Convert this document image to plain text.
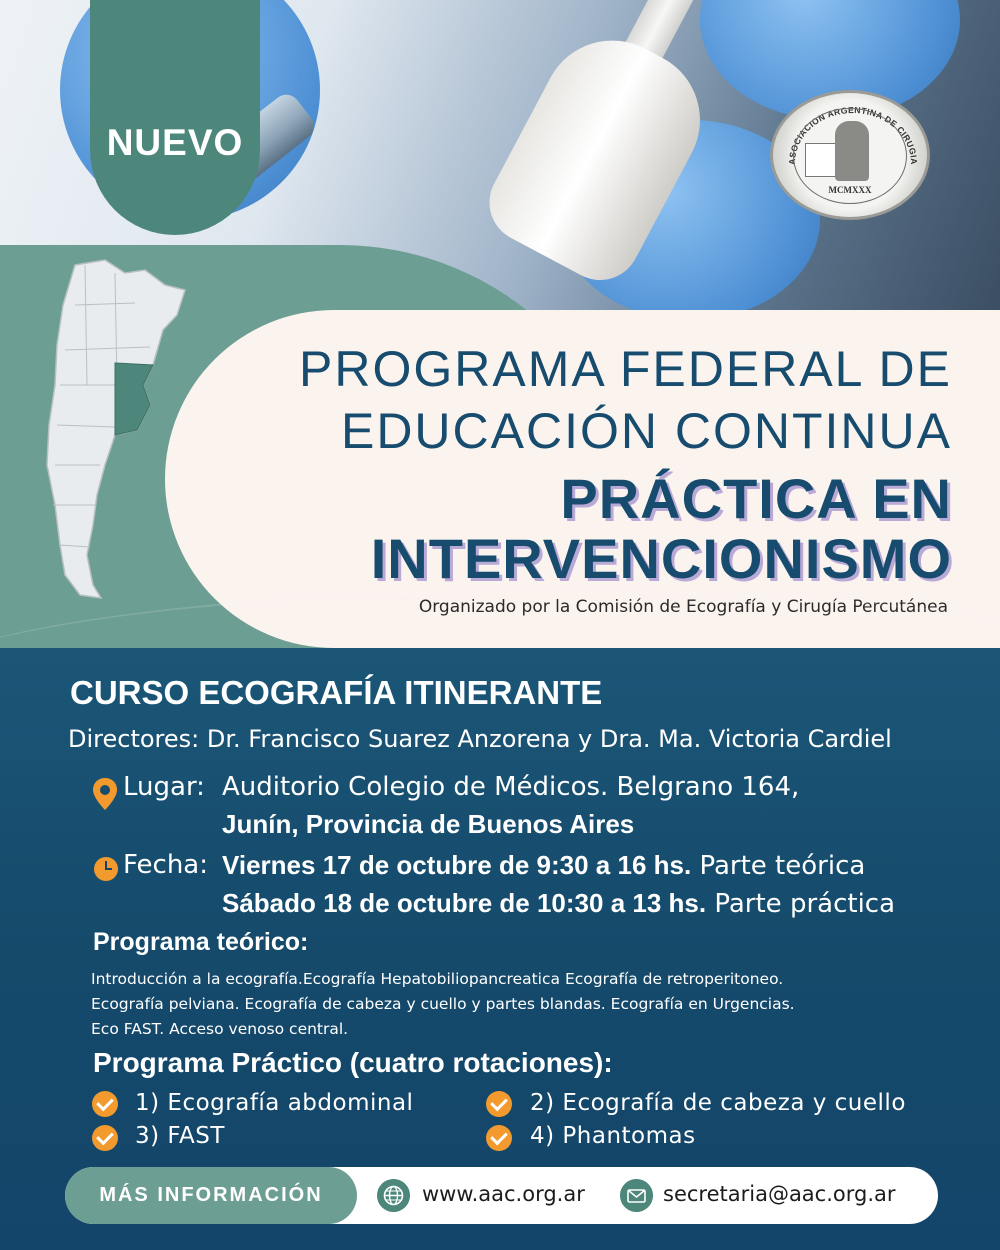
NUEVO	ASOCIACION ARGENTINA DE CIRUGIA
MCMXXX
PROGRAMA FEDERAL DE
EDUCACIÓN CONTINUA
PRÁCTICA EN
INTERVENCIONISMO
Organizado por la Comisión de Ecografía y Cirugía Percutánea
CURSO ECOGRAFÍA ITINERANTE
Directores: Dr. Francisco Suarez Anzorena y Dra. Ma. Victoria Cardiel
Lugar: Auditorio Colegio de Médicos. Belgrano 164,
Junín, Provincia de Buenos Aires
Fecha: Viernes 17 de octubre de 9:30 a 16 hs. Parte teórica
Sábado 18 de octubre de 10:30 a 13 hs. Parte práctica
Programa teórico:
Introducción a la ecografía.Ecografía Hepatobiliopancreatica Ecografía de retroperitoneo.
Ecografía pelviana. Ecografía de cabeza y cuello y partes blandas. Ecografía en Urgencias.
Eco FAST. Acceso venoso central.
Programa Práctico (cuatro rotaciones):
1) Ecografía abdominal	2) Ecografía de cabeza y cuello
3) FAST	4) Phantomas
MÁS INFORMACIÓN	www.aac.org.ar	secretaria@aac.org.ar
